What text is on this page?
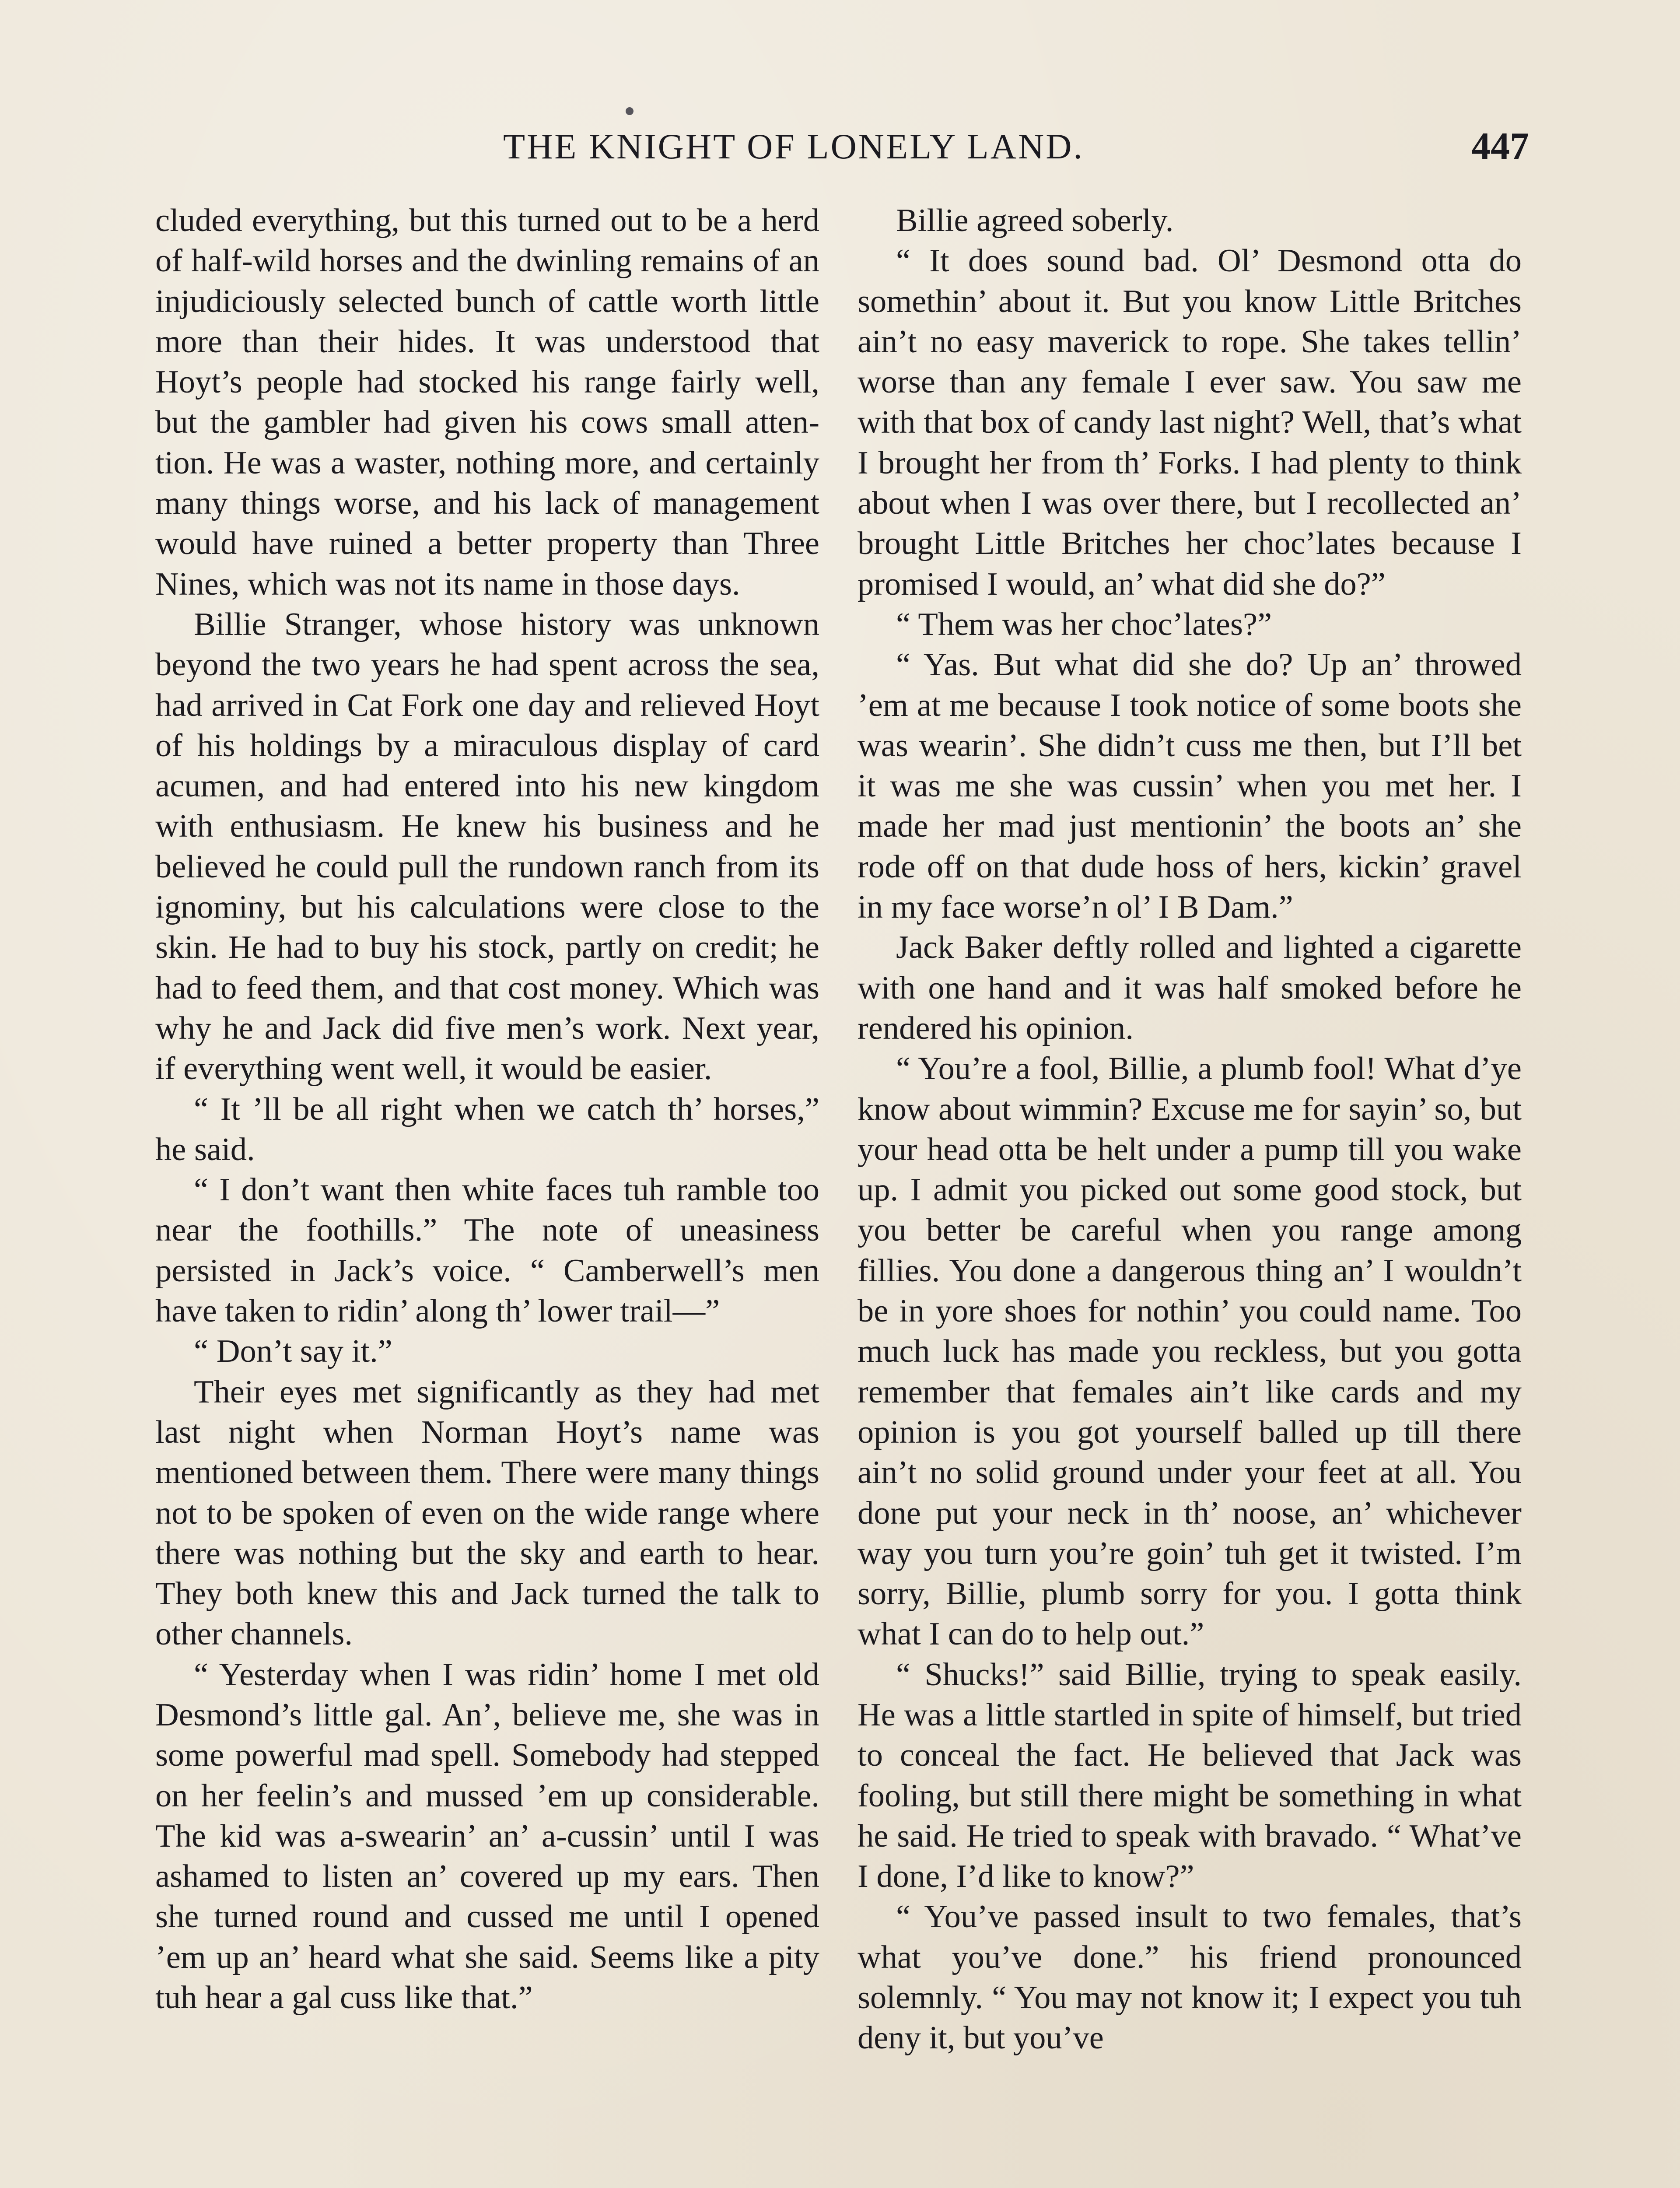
THE KNIGHT OF LONELY LAND.	447

cluded everything, but this turned out to be a herd of half-wild horses and the dwinling remains of an injudiciously selected bunch of cattle worth little more than their hides. It was understood that Hoyt’s people had stocked his range fairly well, but the gambler had given his cows small attention. He was a waster, nothing more, and certainly many things worse, and his lack of management would have ruined a better property than Three Nines, which was not its name in those days.

Billie Stranger, whose history was unknown beyond the two years he had spent across the sea, had arrived in Cat Fork one day and relieved Hoyt of his holdings by a miraculous display of card acumen, and had entered into his new kingdom with enthusiasm. He knew his business and he believed he could pull the rundown ranch from its ignominy, but his calculations were close to the skin. He had to buy his stock, partly on credit; he had to feed them, and that cost money. Which was why he and Jack did five men’s work. Next year, if everything went well, it would be easier.

“ It ’ll be all right when we catch th’ horses,” he said.

“ I don’t want then white faces tuh ramble too near the foothills.” The note of uneasiness persisted in Jack’s voice. “ Camberwell’s men have taken to ridin’ along th’ lower trail—”

“ Don’t say it.”

Their eyes met significantly as they had met last night when Norman Hoyt’s name was mentioned between them. There were many things not to be spoken of even on the wide range where there was nothing but the sky and earth to hear. They both knew this and Jack turned the talk to other channels.

“ Yesterday when I was ridin’ home I met old Desmond’s little gal. An’, believe me, she was in some powerful mad spell. Somebody had stepped on her feelin’s and mussed ’em up considerable. The kid was a-swearin’ an’ a-cussin’ until I was ashamed to listen an’ covered up my ears. Then she turned round and cussed me until I opened ’em up an’ heard what she said. Seems like a pity tuh hear a gal cuss like that.”

Billie agreed soberly.

“ It does sound bad. Ol’ Desmond otta do somethin’ about it. But you know Little Britches ain’t no easy maverick to rope. She takes tellin’ worse than any female I ever saw. You saw me with that box of candy last night? Well, that’s what I brought her from th’ Forks. I had plenty to think about when I was over there, but I recollected an’ brought Little Britches her choc’lates because I promised I would, an’ what did she do?”

“ Them was her choc’lates?”

“ Yas. But what did she do? Up an’ throwed ’em at me because I took notice of some boots she was wearin’. She didn’t cuss me then, but I’ll bet it was me she was cussin’ when you met her. I made her mad just mentionin’ the boots an’ she rode off on that dude hoss of hers, kickin’ gravel in my face worse’n ol’ I B Dam.”

Jack Baker deftly rolled and lighted a cigarette with one hand and it was half smoked before he rendered his opinion.

“ You’re a fool, Billie, a plumb fool! What d’ye know about wimmin? Excuse me for sayin’ so, but your head otta be helt under a pump till you wake up. I admit you picked out some good stock, but you better be careful when you range among fillies. You done a dangerous thing an’ I wouldn’t be in yore shoes for nothin’ you could name. Too much luck has made you reckless, but you gotta remember that females ain’t like cards and my opinion is you got yourself balled up till there ain’t no solid ground under your feet at all. You done put your neck in th’ noose, an’ whichever way you turn you’re goin’ tuh get it twisted. I’m sorry, Billie, plumb sorry for you. I gotta think what I can do to help out.”

“ Shucks!” said Billie, trying to speak easily. He was a little startled in spite of himself, but tried to conceal the fact. He believed that Jack was fooling, but still there might be something in what he said. He tried to speak with bravado. “ What’ve I done, I’d like to know?”

“ You’ve passed insult to two females, that’s what you’ve done.” his friend pronounced solemnly. “ You may not know it; I expect you tuh deny it, but you’ve
